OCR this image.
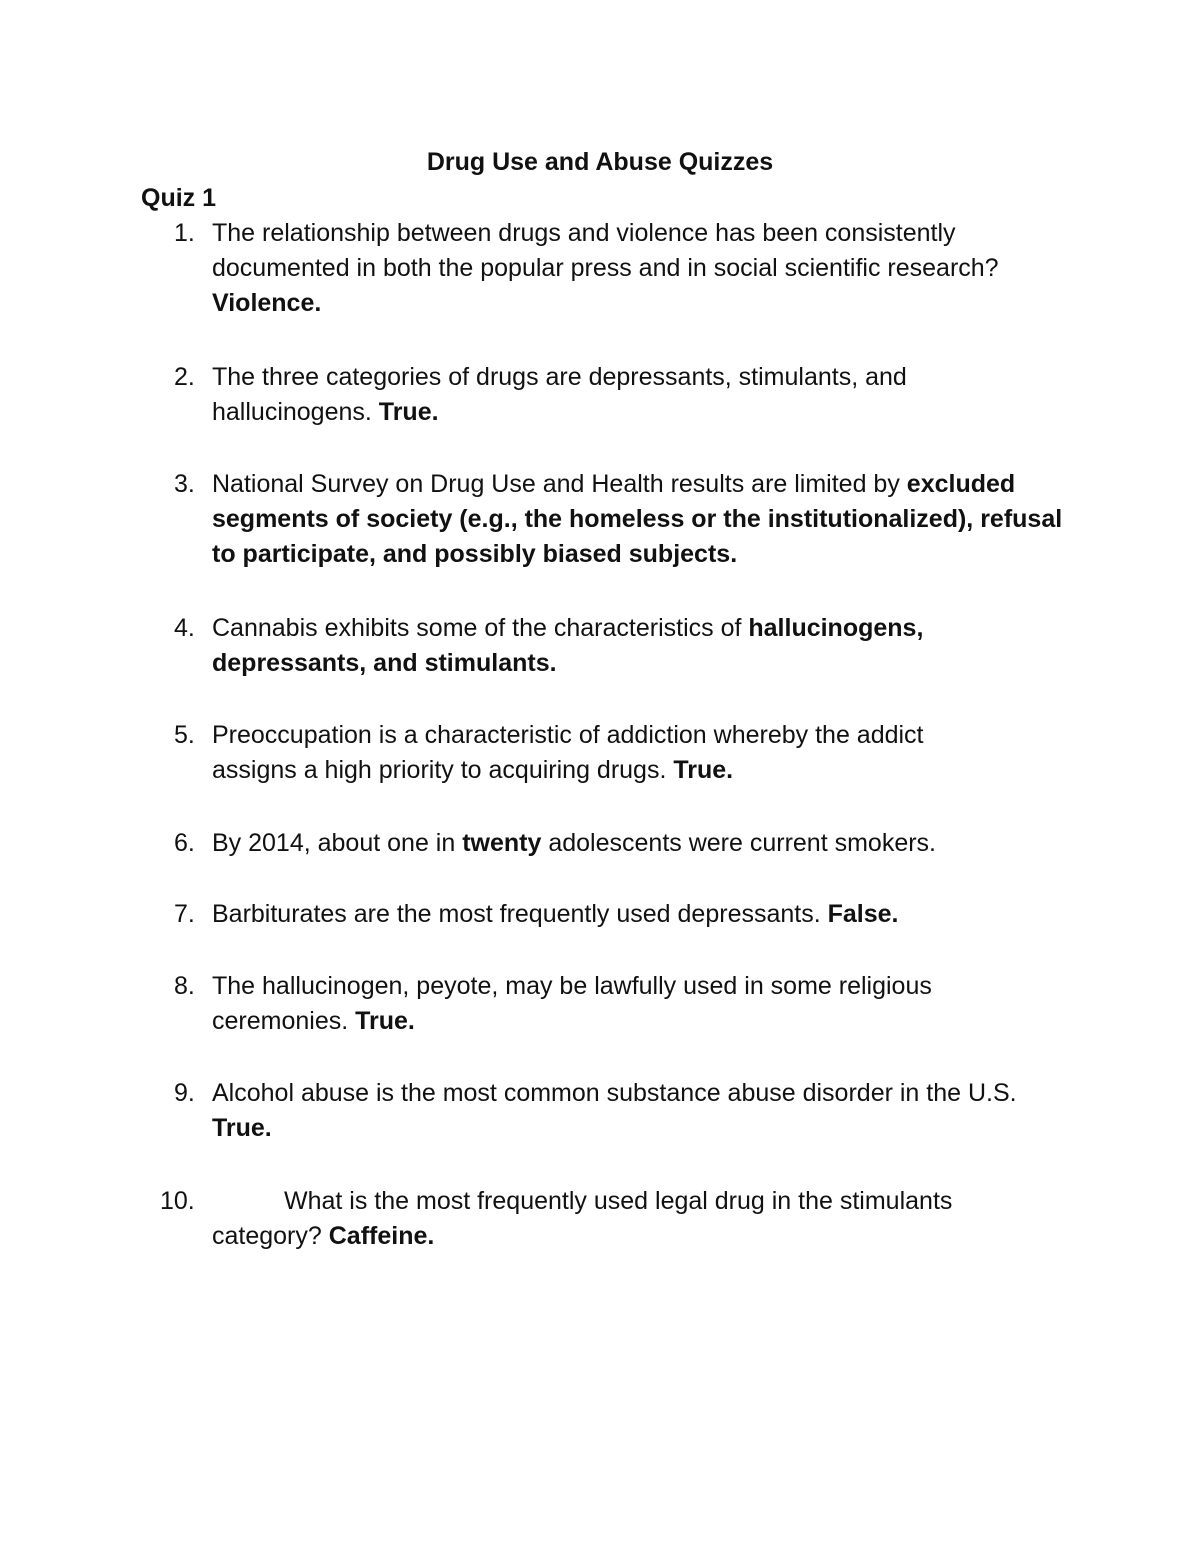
Drug Use and Abuse Quizzes
Quiz 1
1. The relationship between drugs and violence has been consistently documented in both the popular press and in social scientific research? Violence.
2. The three categories of drugs are depressants, stimulants, and hallucinogens. True.
3. National Survey on Drug Use and Health results are limited by excluded segments of society (e.g., the homeless or the institutionalized), refusal to participate, and possibly biased subjects.
4. Cannabis exhibits some of the characteristics of hallucinogens, depressants, and stimulants.
5. Preoccupation is a characteristic of addiction whereby the addict assigns a high priority to acquiring drugs. True.
6. By 2014, about one in twenty adolescents were current smokers.
7. Barbiturates are the most frequently used depressants. False.
8. The hallucinogen, peyote, may be lawfully used in some religious ceremonies. True.
9. Alcohol abuse is the most common substance abuse disorder in the U.S. True.
10.	What is the most frequently used legal drug in the stimulants category? Caffeine.
